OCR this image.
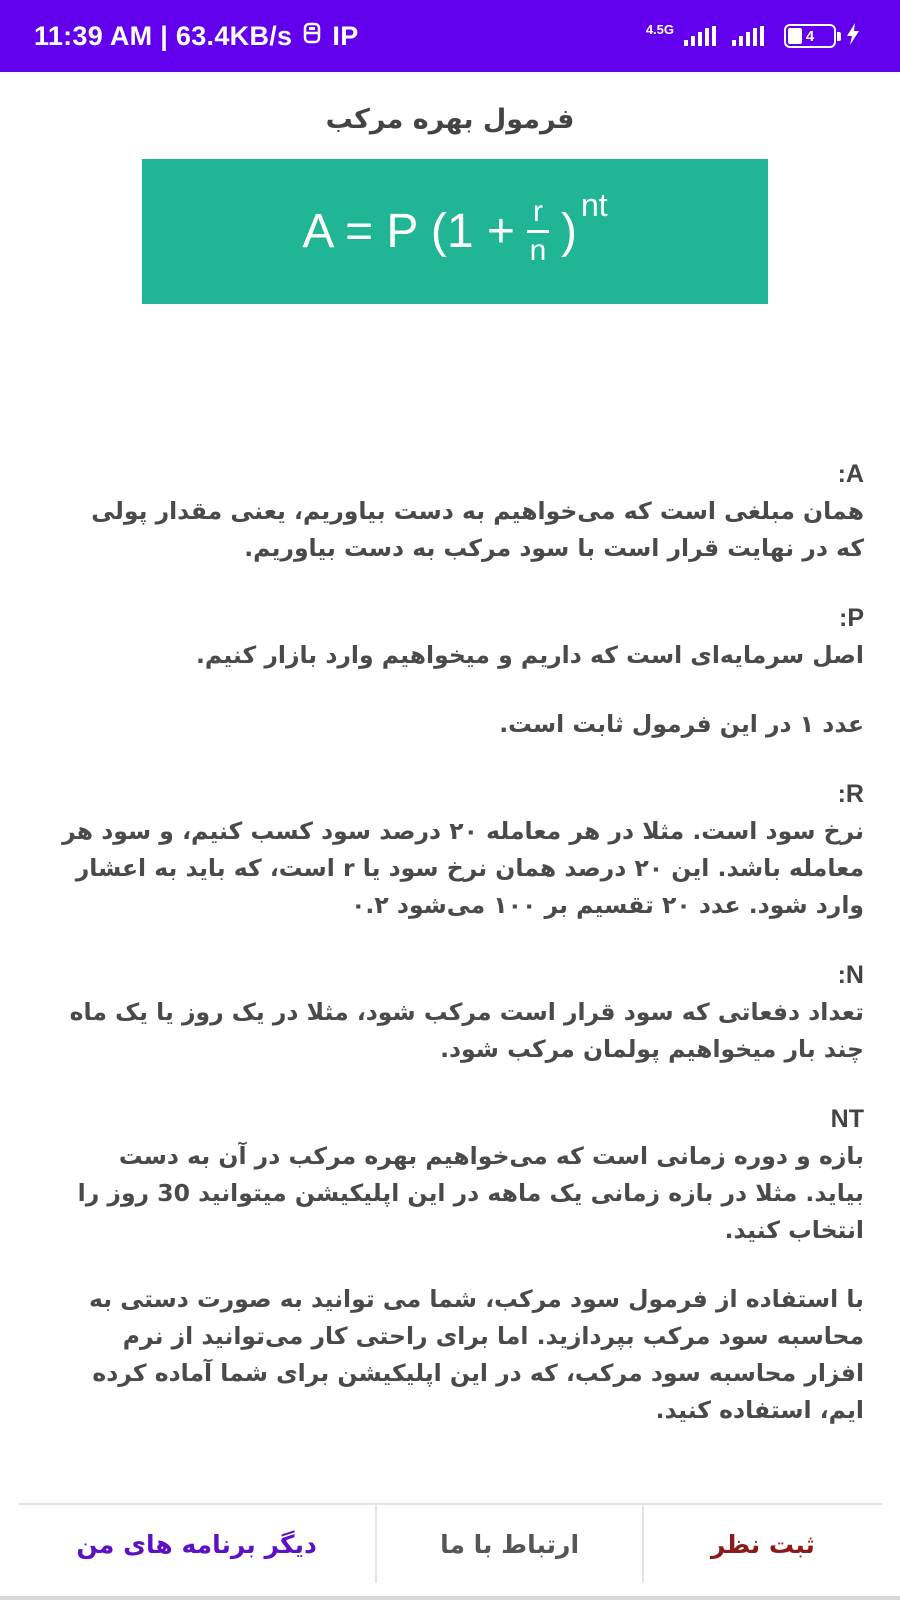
11:39 AM | 63.4KB/s IP	4.5G	4
فرمول بهره مرکب
A = P $(1 + \frac{r}{n} )^{nt}$
:A
همان مبلغی است که می‌خواهیم به دست بیاوریم، یعنی مقدار پولی که در نهایت قرار است با سود مرکب به دست بیاوریم.
:P
اصل سرمایه‌ای است که داریم و میخواهیم وارد بازار کنیم.
عدد ۱ در این فرمول ثابت است.
:R
نرخ سود است. مثلا در هر معامله ۲۰ درصد سود کسب کنیم، و سود هر معامله باشد. این ۲۰ درصد همان نرخ سود یا r است، که باید به اعشار وارد شود. عدد ۲۰ تقسیم بر ۱۰۰ می‌شود ۰.۲
:N
تعداد دفعاتی که سود قرار است مرکب شود، مثلا در یک روز یا یک ماه چند بار میخواهیم پولمان مرکب شود.
NT
بازه و دوره زمانی است که می‌خواهیم بهره مرکب در آن به دست بیاید. مثلا در بازه زمانی یک ماهه در این اپلیکیشن میتوانید 30 روز را انتخاب کنید.
با استفاده از فرمول سود مرکب، شما می توانید به صورت دستی به محاسبه سود مرکب بپردازید. اما برای راحتی کار می‌توانید از نرم افزار محاسبه سود مرکب، که در این اپلیکیشن برای شما آماده کرده ایم، استفاده کنید.
دیگر برنامه های من	ارتباط با ما	ثبت نظر
